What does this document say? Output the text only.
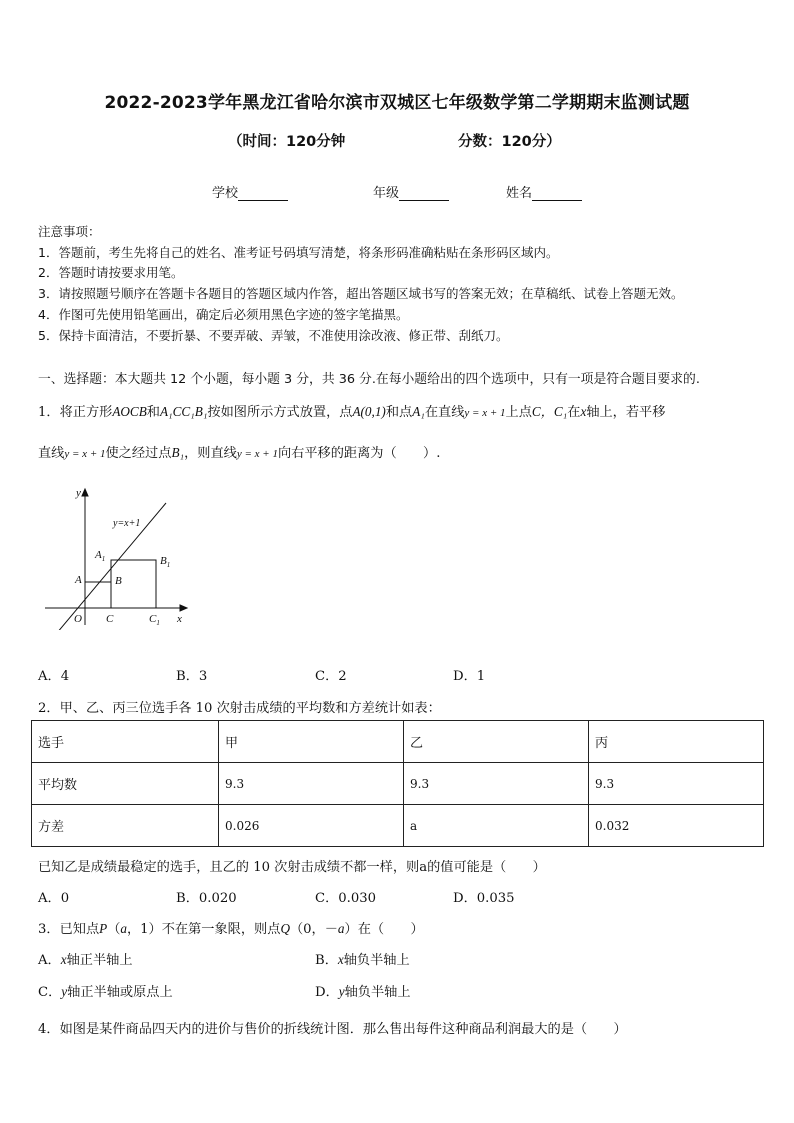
2022-2023学年黑龙江省哈尔滨市双城区七年级数学第二学期期末监测试题
（时间：120分钟	分数：120分）
学校	年级	姓名
注意事项：
1．答题前，考生先将自己的姓名、准考证号码填写清楚，将条形码准确粘贴在条形码区域内。
2．答题时请按要求用笔。
3．请按照题号顺序在答题卡各题目的答题区域内作答，超出答题区域书写的答案无效；在草稿纸、试卷上答题无效。
4．作图可先使用铅笔画出，确定后必须用黑色字迹的签字笔描黑。
5．保持卡面清洁，不要折暴、不要弄破、弄皱，不准使用涂改液、修正带、刮纸刀。
一、选择题：本大题共 12 个小题，每小题 3 分，共 36 分.在每小题给出的四个选项中，只有一项是符合题目要求的.
1．将正方形AOCB和A₁CC₁B₁按如图所示方式放置，点A(0,1)和点A₁在直线y = x + 1上点C，C₁在x轴上，若平移
直线y = x + 1使之经过点B₁，则直线y = x + 1向右平移的距离为（　　）.
y
x
y=x+1
$A_1$	$B_1$
A	B
O C	$C_1$
A．4	B．3	C．2	D．1
2．甲、乙、丙三位选手各 10 次射击成绩的平均数和方差统计如表：
选手	甲	乙	丙
平均数	9.3	9.3	9.3
方差	0.026	a	0.032
已知乙是成绩最稳定的选手，且乙的 10 次射击成绩不都一样，则a的值可能是（　　）
A．0	B．0.020	C．0.030	D．0.035
3．已知点P（a，1）不在第一象限，则点Q（0，－a）在（　　）
A．x轴正半轴上	B．x轴负半轴上
C．y轴正半轴或原点上	D．y轴负半轴上
4．如图是某件商品四天内的进价与售价的折线统计图．那么售出每件这种商品利润最大的是（　　）
